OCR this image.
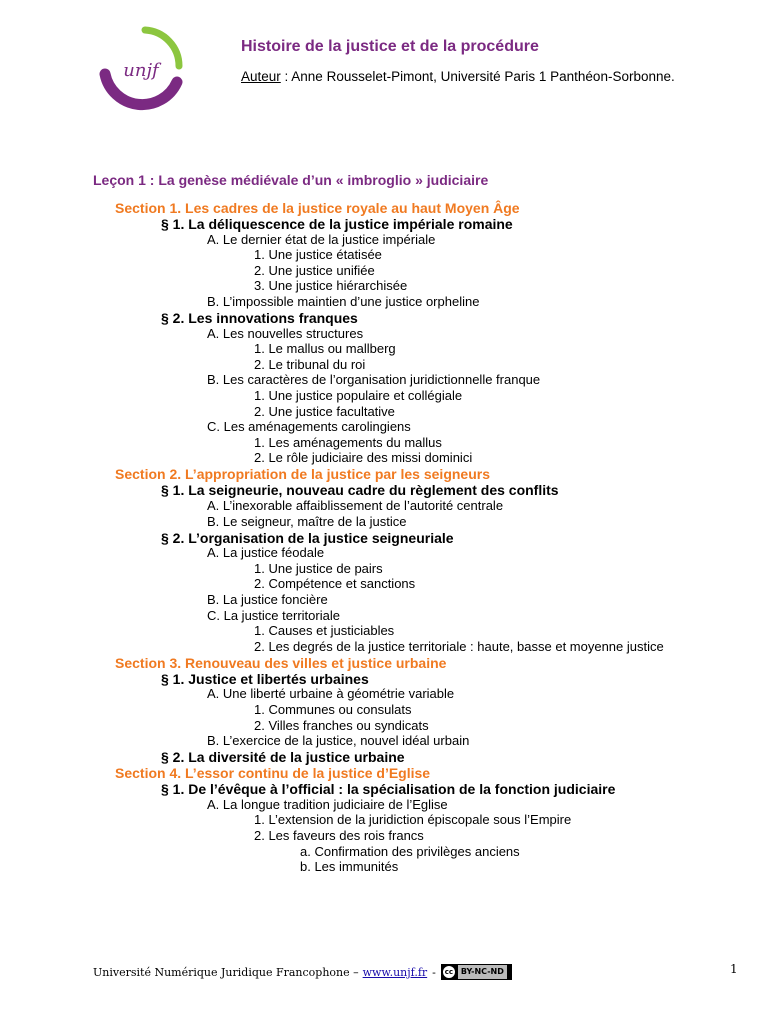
unjf
Histoire de la justice et de la procédure
Auteur : Anne Rousselet-Pimont, Université Paris 1 Panthéon-Sorbonne.
Leçon 1 : La genèse médiévale d’un « imbroglio » judiciaire
Section 1. Les cadres de la justice royale au haut Moyen Âge
§ 1. La déliquescence de la justice impériale romaine
A. Le dernier état de la justice impériale
1. Une justice étatisée
2. Une justice unifiée
3. Une justice hiérarchisée
B. L’impossible maintien d’une justice orpheline
§ 2. Les innovations franques
A. Les nouvelles structures
1. Le mallus ou mallberg
2. Le tribunal du roi
B. Les caractères de l’organisation juridictionnelle franque
1. Une justice populaire et collégiale
2. Une justice facultative
C. Les aménagements carolingiens
1. Les aménagements du mallus
2. Le rôle judiciaire des missi dominici
Section 2. L’appropriation de la justice par les seigneurs
§ 1. La seigneurie, nouveau cadre du règlement des conflits
A. L’inexorable affaiblissement de l’autorité centrale
B. Le seigneur, maître de la justice
§ 2. L’organisation de la justice seigneuriale
A. La justice féodale
1. Une justice de pairs
2. Compétence et sanctions
B. La justice foncière
C. La justice territoriale
1. Causes et justiciables
2. Les degrés de la justice territoriale : haute, basse et moyenne justice
Section 3. Renouveau des villes et justice urbaine
§ 1. Justice et libertés urbaines
A. Une liberté urbaine à géométrie variable
1. Communes ou consulats
2. Villes franches ou syndicats
B. L’exercice de la justice, nouvel idéal urbain
§ 2. La diversité de la justice urbaine
Section 4. L’essor continu de la justice d’Eglise
§ 1. De l’évêque à l’official : la spécialisation de la fonction judiciaire
A. La longue tradition judiciaire de l’Eglise
1. L’extension de la juridiction épiscopale sous l’Empire
2. Les faveurs des rois francs
a. Confirmation des privilèges anciens
b. Les immunités
Université Numérique Juridique Francophone – www.unjf.fr - cc BY-NC-ND	1
